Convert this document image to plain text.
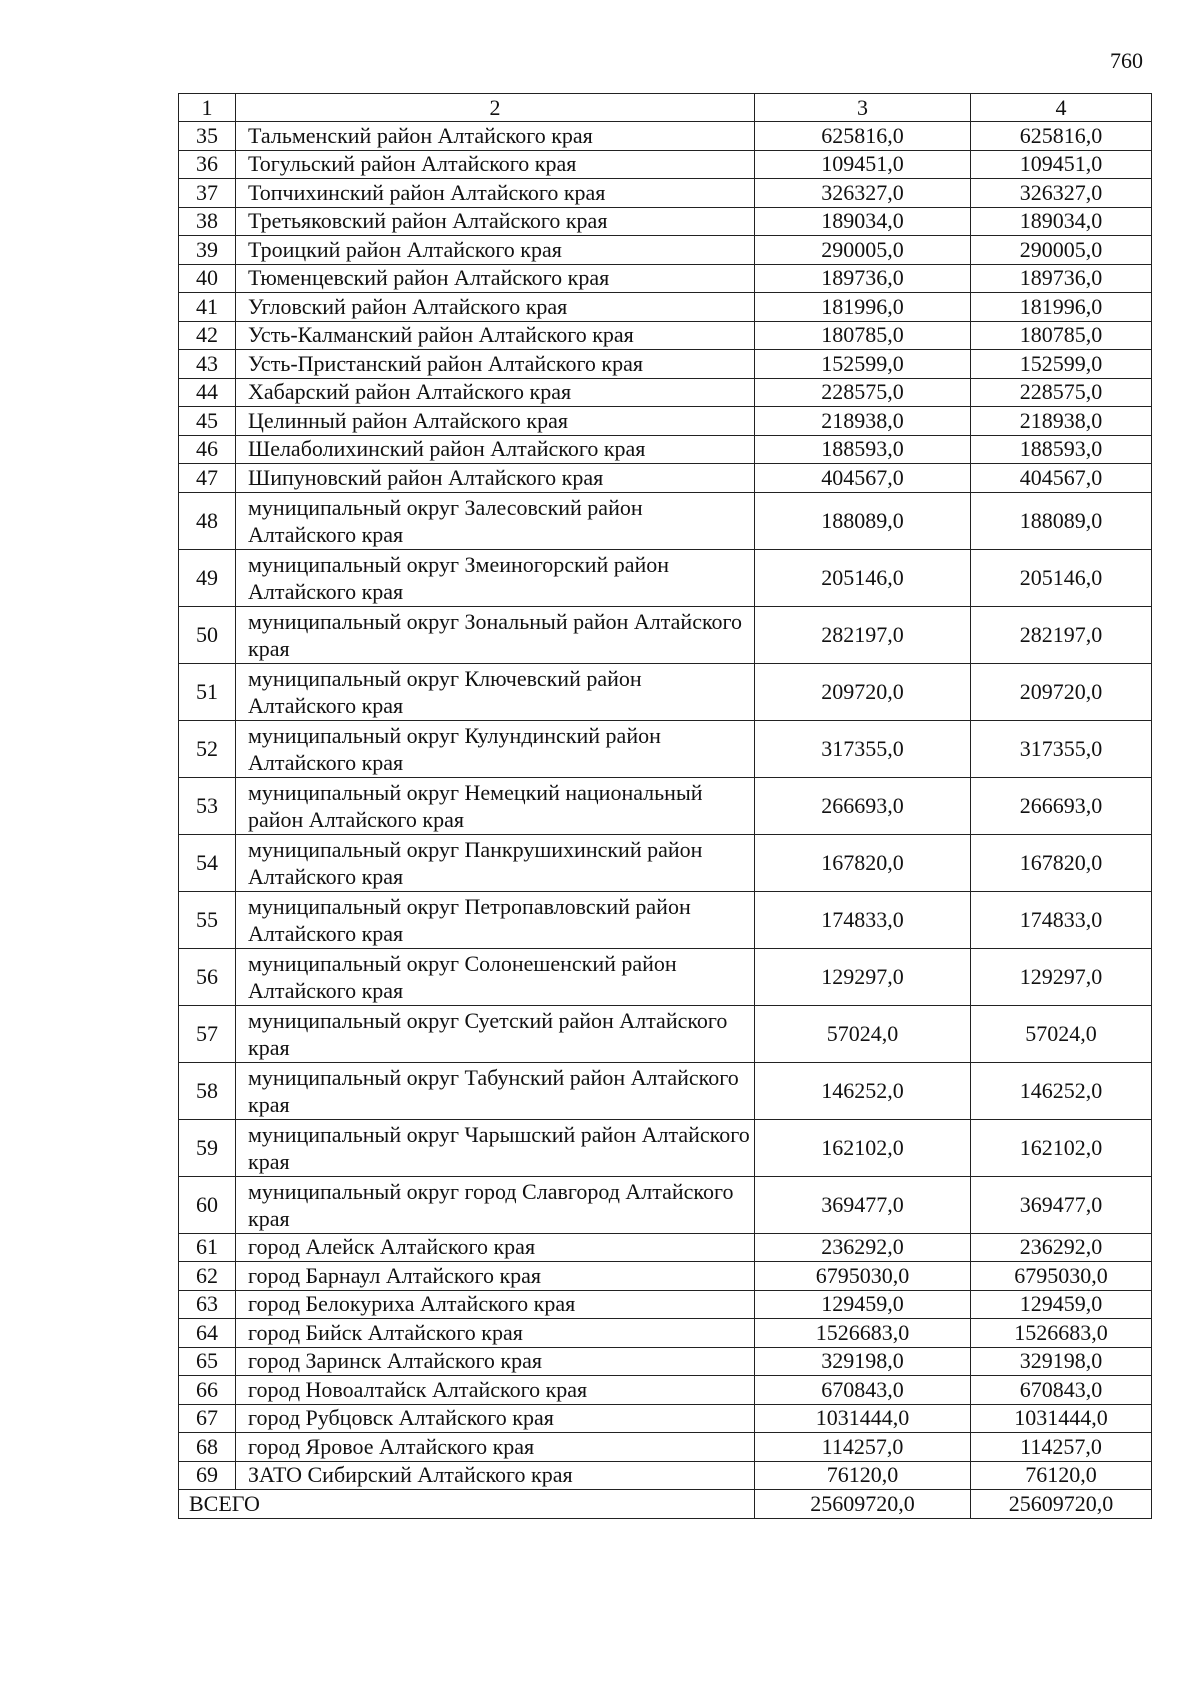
760
1	2	3	4
35	Тальменский район Алтайского края	625816,0	625816,0
36	Тогульский район Алтайского края	109451,0	109451,0
37	Топчихинский район Алтайского края	326327,0	326327,0
38	Третьяковский район Алтайского края	189034,0	189034,0
39	Троицкий район Алтайского края	290005,0	290005,0
40	Тюменцевский район Алтайского края	189736,0	189736,0
41	Угловский район Алтайского края	181996,0	181996,0
42	Усть-Калманский район Алтайского края	180785,0	180785,0
43	Усть-Пристанский район Алтайского края	152599,0	152599,0
44	Хабарский район Алтайского края	228575,0	228575,0
45	Целинный район Алтайского края	218938,0	218938,0
46	Шелаболихинский район Алтайского края	188593,0	188593,0
47	Шипуновский район Алтайского края	404567,0	404567,0
48	муниципальный округ Залесовский район Алтайского края	188089,0	188089,0
49	муниципальный округ Змеиногорский район Алтайского края	205146,0	205146,0
50	муниципальный округ Зональный район Алтайского края	282197,0	282197,0
51	муниципальный округ Ключевский район Алтайского края	209720,0	209720,0
52	муниципальный округ Кулундинский район Алтайского края	317355,0	317355,0
53	муниципальный округ Немецкий национальный район Алтайского края	266693,0	266693,0
54	муниципальный округ Панкрушихинский район Алтайского края	167820,0	167820,0
55	муниципальный округ Петропавловский район Алтайского края	174833,0	174833,0
56	муниципальный округ Солонешенский район Алтайского края	129297,0	129297,0
57	муниципальный округ Суетский район Алтайского края	57024,0	57024,0
58	муниципальный округ Табунский район Алтайского края	146252,0	146252,0
59	муниципальный округ Чарышский район Алтайского края	162102,0	162102,0
60	муниципальный округ город Славгород Алтайского края	369477,0	369477,0
61	город Алейск Алтайского края	236292,0	236292,0
62	город Барнаул Алтайского края	6795030,0	6795030,0
63	город Белокуриха Алтайского края	129459,0	129459,0
64	город Бийск Алтайского края	1526683,0	1526683,0
65	город Заринск Алтайского края	329198,0	329198,0
66	город Новоалтайск Алтайского края	670843,0	670843,0
67	город Рубцовск Алтайского края	1031444,0	1031444,0
68	город Яровое Алтайского края	114257,0	114257,0
69	ЗАТО Сибирский Алтайского края	76120,0	76120,0
ВСЕГО		25609720,0	25609720,0
